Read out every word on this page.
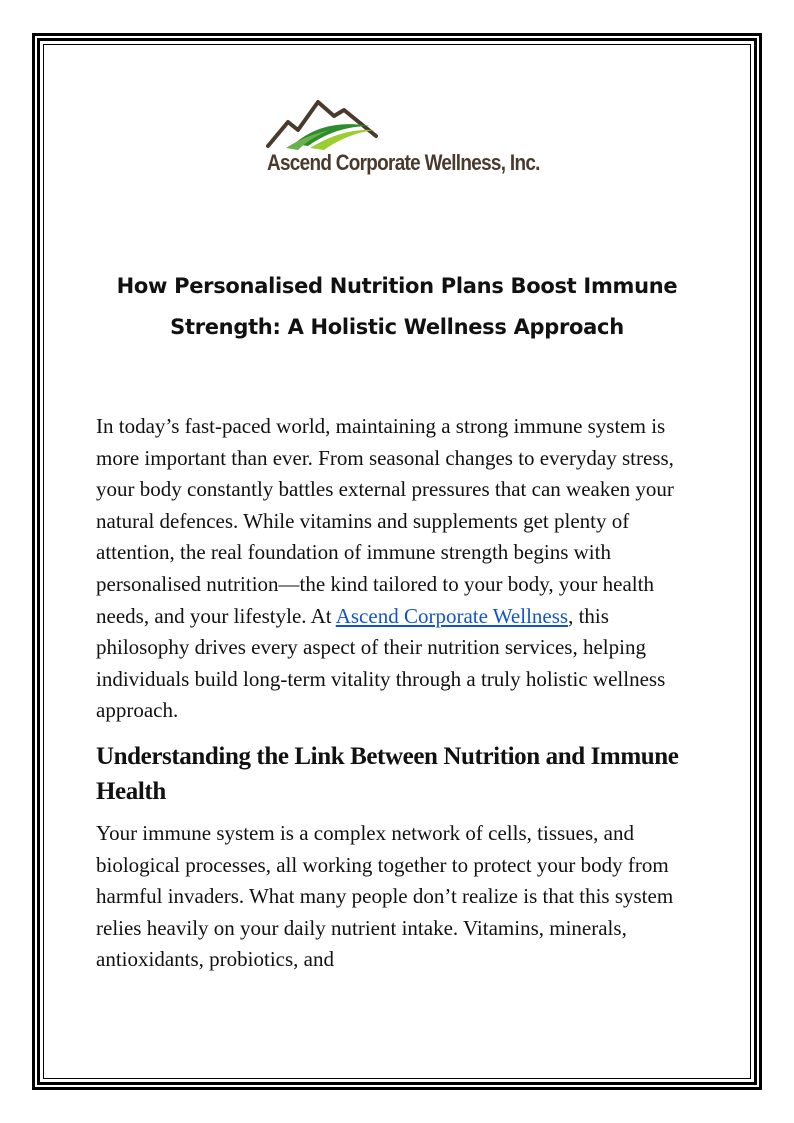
Ascend Corporate Wellness, Inc.
How Personalised Nutrition Plans Boost Immune
Strength: A Holistic Wellness Approach

In today’s fast-paced world, maintaining a strong immune system is more important than ever. From seasonal changes to everyday stress, your body constantly battles external pressures that can weaken your natural defences. While vitamins and supplements get plenty of attention, the real foundation of immune strength begins with personalised nutrition—the kind tailored to your body, your health needs, and your lifestyle. At Ascend Corporate Wellness, this philosophy drives every aspect of their nutrition services, helping individuals build long-term vitality through a truly holistic wellness approach.

Understanding the Link Between Nutrition and Immune Health

Your immune system is a complex network of cells, tissues, and biological processes, all working together to protect your body from harmful invaders. What many people don’t realize is that this system relies heavily on your daily nutrient intake. Vitamins, minerals, antioxidants, probiotics, and
